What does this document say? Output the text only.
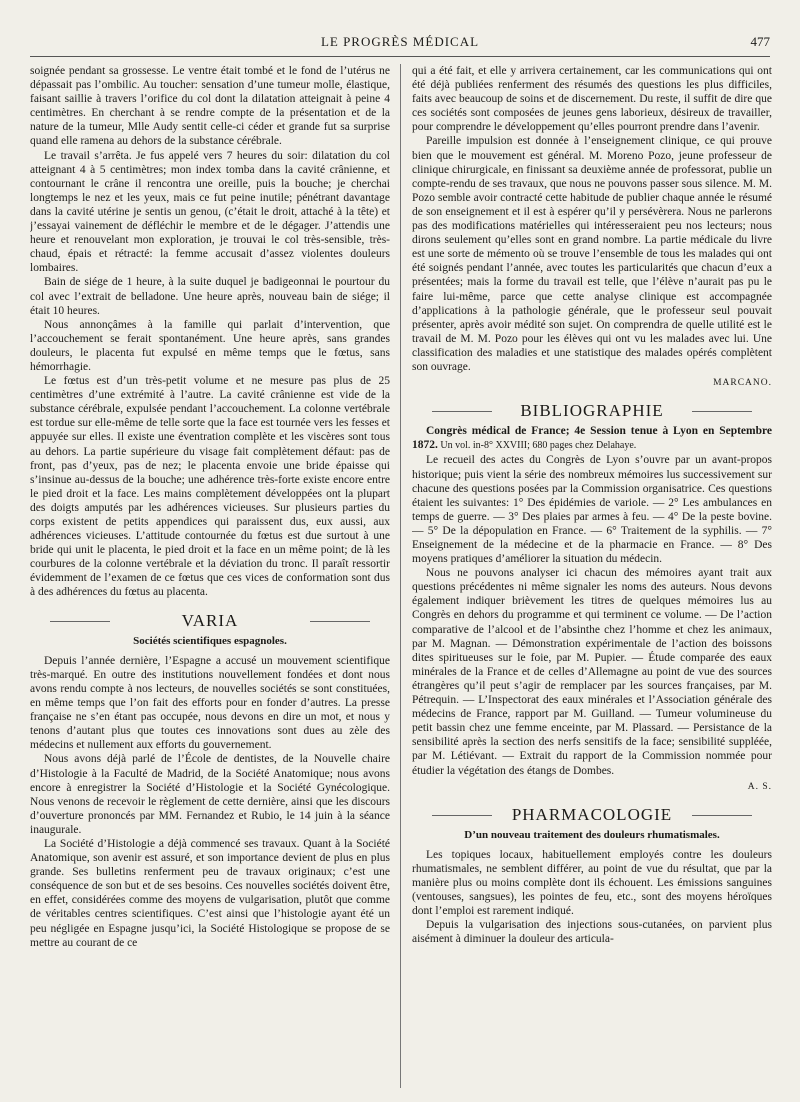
LE PROGRÈS MÉDICAL	477

soignée pendant sa grossesse. Le ventre était tombé et le fond de l’utérus ne dépassait pas l’ombilic. Au toucher: sensation d’une tumeur molle, élastique, faisant saillie à travers l’orifice du col dont la dilatation atteignait à peine 4 centimètres. En cherchant à se rendre compte de la présentation et de la nature de la tumeur, Mlle Audy sentit celle-ci céder et grande fut sa surprise quand elle ramena au dehors de la substance cérébrale.

Le travail s’arrêta. Je fus appelé vers 7 heures du soir: dilatation du col atteignant 4 à 5 centimètres; mon index tomba dans la cavité crânienne, et contournant le crâne il rencontra une oreille, puis la bouche; je cherchai longtemps le nez et les yeux, mais ce fut peine inutile; pénétrant davantage dans la cavité utérine je sentis un genou, (c’était le droit, attaché à la tête) et j’essayai vainement de défléchir le membre et de le dégager. J’attendis une heure et renouvelant mon exploration, je trouvai le col très-sensible, très-chaud, épais et rétracté: la femme accusait d’assez violentes douleurs lombaires.

Bain de siége de 1 heure, à la suite duquel je badigeonnai le pourtour du col avec l’extrait de belladone. Une heure après, nouveau bain de siége; il était 10 heures.

Nous annonçâmes à la famille qui parlait d’intervention, que l’accouchement se ferait spontanément. Une heure après, sans grandes douleurs, le placenta fut expulsé en même temps que le fœtus, sans hémorrhagie.

Le fœtus est d’un très-petit volume et ne mesure pas plus de 25 centimètres d’une extrémité à l’autre. La cavité crânienne est vide de la substance cérébrale, expulsée pendant l’accouchement. La colonne vertébrale est tordue sur elle-même de telle sorte que la face est tournée vers les fesses et appuyée sur elles. Il existe une éventration complète et les viscères sont tous au dehors. La partie supérieure du visage fait complètement défaut: pas de front, pas d’yeux, pas de nez; le placenta envoie une bride épaisse qui s’insinue au-dessus de la bouche; une adhérence très-forte existe encore entre le pied droit et la face. Les mains complètement développées ont la plupart des doigts amputés par les adhérences vicieuses. Sur plusieurs parties du corps existent de petits appendices qui paraissent dus, eux aussi, aux adhérences vicieuses. L’attitude contournée du fœtus est due surtout à une bride qui unit le placenta, le pied droit et la face en un même point; de là les courbures de la colonne vertébrale et la déviation du tronc. Il paraît ressortir évidemment de l’examen de ce fœtus que ces vices de conformation sont dus à des adhérences du fœtus au placenta.

VARIA
Sociétés scientifiques espagnoles.

Depuis l’année dernière, l’Espagne a accusé un mouvement scientifique très-marqué. En outre des institutions nouvellement fondées et dont nous avons rendu compte à nos lecteurs, de nouvelles sociétés se sont constituées, en même temps que l’on fait des efforts pour en fonder d’autres. La presse française ne s’en étant pas occupée, nous devons en dire un mot, et nous y tenons d’autant plus que toutes ces innovations sont dues au zèle des médecins et nullement aux efforts du gouvernement.

Nous avons déjà parlé de l’École de dentistes, de la Nouvelle chaire d’Histologie à la Faculté de Madrid, de la Société Anatomique; nous avons encore à enregistrer la Société d’Histologie et la Société Gynécologique. Nous venons de recevoir le règlement de cette dernière, ainsi que les discours d’ouverture prononcés par MM. Fernandez et Rubio, le 14 juin à la séance inaugurale.

La Société d’Histologie a déjà commencé ses travaux. Quant à la Société Anatomique, son avenir est assuré, et son importance devient de plus en plus grande. Ses bulletins renferment peu de travaux originaux; c’est une conséquence de son but et de ses besoins. Ces nouvelles sociétés doivent être, en effet, considérées comme des moyens de vulgarisation, plutôt que comme de véritables centres scientifiques. C’est ainsi que l’histologie ayant été un peu négligée en Espagne jusqu’ici, la Société Histologique se propose de se mettre au courant de ce

qui a été fait, et elle y arrivera certainement, car les communications qui ont été déjà publiées renferment des résumés des questions les plus difficiles, faits avec beaucoup de soins et de discernement. Du reste, il suffit de dire que ces sociétés sont composées de jeunes gens laborieux, désireux de travailler, pour comprendre le développement qu’elles pourront prendre dans l’avenir.

Pareille impulsion est donnée à l’enseignement clinique, ce qui prouve bien que le mouvement est général. M. Moreno Pozo, jeune professeur de clinique chirurgicale, en finissant sa deuxième année de professorat, publie un compte-rendu de ses travaux, que nous ne pouvons passer sous silence. M. M. Pozo semble avoir contracté cette habitude de publier chaque année le résumé de son enseignement et il est à espérer qu’il y persévèrera. Nous ne parlerons pas des modifications matérielles qui intéresseraient peu nos lecteurs; nous dirons seulement qu’elles sont en grand nombre. La partie médicale du livre est une sorte de mémento où se trouve l’ensemble de tous les malades qui ont été soignés pendant l’année, avec toutes les particularités que chacun d’eux a présentées; mais la forme du travail est telle, que l’élève n’aurait pas pu le faire lui-même, parce que cette analyse clinique est accompagnée d’applications à la pathologie générale, que le professeur seul pouvait présenter, après avoir médité son sujet. On comprendra de quelle utilité est le travail de M. M. Pozo pour les élèves qui ont vu les malades avec lui. Une classification des maladies et une statistique des malades opérés complètent son ouvrage.

MARCANO.
BIBLIOGRAPHIE

Congrès médical de France; 4e Session tenue à Lyon en Septembre 1872. Un vol. in-8° XXVIII; 680 pages chez Delahaye.

Le recueil des actes du Congrès de Lyon s’ouvre par un avant-propos historique; puis vient la série des nombreux mémoires lus successivement sur chacune des questions posées par la Commission organisatrice. Ces questions étaient les suivantes: 1° Des épidémies de variole. — 2° Les ambulances en temps de guerre. — 3° Des plaies par armes à feu. — 4° De la peste bovine. — 5° De la dépopulation en France. — 6° Traitement de la syphilis. — 7° Enseignement de la médecine et de la pharmacie en France. — 8° Des moyens pratiques d’améliorer la situation du médecin.

Nous ne pouvons analyser ici chacun des mémoires ayant trait aux questions précédentes ni même signaler les noms des auteurs. Nous devons également indiquer brièvement les titres de quelques mémoires lus au Congrès en dehors du programme et qui terminent ce volume. — De l’action comparative de l’alcool et de l’absinthe chez l’homme et chez les animaux, par M. Magnan. — Démonstration expérimentale de l’action des boissons dites spiritueuses sur le foie, par M. Pupier. — Étude comparée des eaux minérales de la France et de celles d’Allemagne au point de vue des sources étrangères qu’il peut s’agir de remplacer par les sources françaises, par M. Pétrequin. — L’Inspectorat des eaux minérales et l’Association générale des médecins de France, rapport par M. Guilland. — Tumeur volumineuse du petit bassin chez une femme enceinte, par M. Plassard. — Persistance de la sensibilité après la section des nerfs sensitifs de la face; sensibilité suppléée, par M. Létiévant. — Extrait du rapport de la Commission nommée pour étudier la végétation des étangs de Dombes.

A. S.
PHARMACOLOGIE
D’un nouveau traitement des douleurs rhumatismales.

Les topiques locaux, habituellement employés contre les douleurs rhumatismales, ne semblent différer, au point de vue du résultat, que par la manière plus ou moins complète dont ils échouent. Les émissions sanguines (ventouses, sangsues), les pointes de feu, etc., sont des moyens héroïques dont l’emploi est rarement indiqué.

Depuis la vulgarisation des injections sous-cutanées, on parvient plus aisément à diminuer la douleur des articula-
